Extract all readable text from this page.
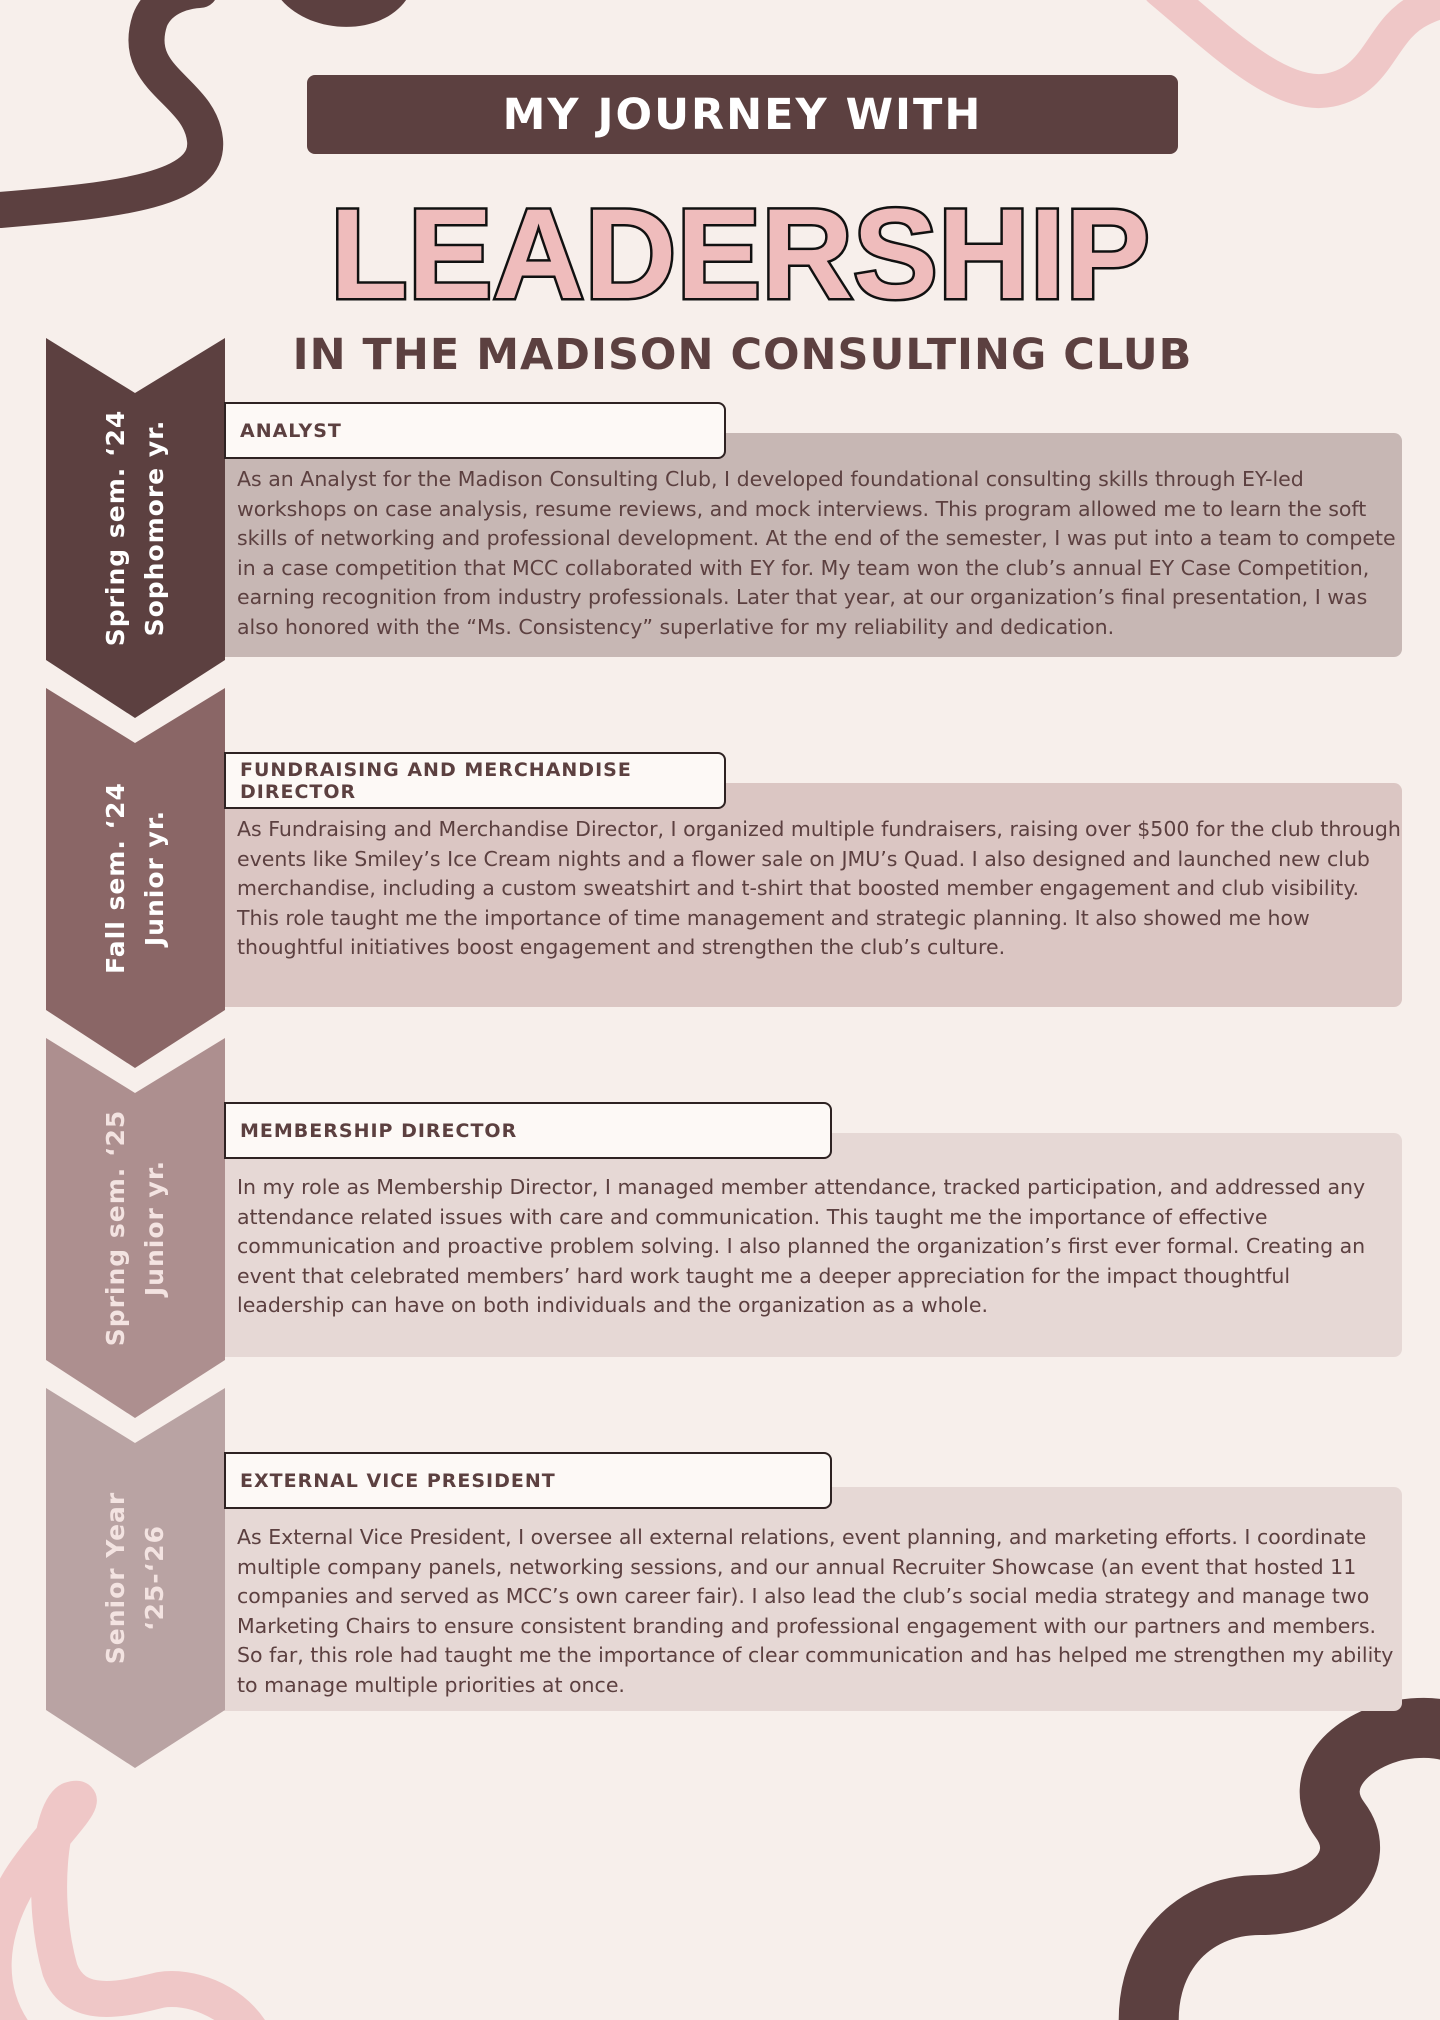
MY JOURNEY WITH
LEADERSHIP
IN THE MADISON CONSULTING CLUB
Spring sem. ‘24 Sophomore yr.	ANALYST
As an Analyst for the Madison Consulting Club, I developed foundational consulting skills through EY-led workshops on case analysis, resume reviews, and mock interviews. This program allowed me to learn the soft skills of networking and professional development. At the end of the semester, I was put into a team to compete in a case competition that MCC collaborated with EY for. My team won the club’s annual EY Case Competition, earning recognition from industry professionals. Later that year, at our organization’s final presentation, I was also honored with the “Ms. Consistency” superlative for my reliability and dedication.
Fall sem. ‘24 Junior yr.
FUNDRAISING AND MERCHANDISE
DIRECTOR
As Fundraising and Merchandise Director, I organized multiple fundraisers, raising over $500 for the club through events like Smiley’s Ice Cream nights and a flower sale on JMU’s Quad. I also designed and launched new club merchandise, including a custom sweatshirt and t-shirt that boosted member engagement and club visibility. This role taught me the importance of time management and strategic planning. It also showed me how thoughtful initiatives boost engagement and strengthen the club’s culture.
Spring sem. ‘25 Junior yr.
MEMBERSHIP DIRECTOR
In my role as Membership Director, I managed member attendance, tracked participation, and addressed any attendance related issues with care and communication. This taught me the importance of effective communication and proactive problem solving. I also planned the organization’s first ever formal. Creating an event that celebrated members’ hard work taught me a deeper appreciation for the impact thoughtful leadership can have on both individuals and the organization as a whole.
Senior Year ‘25-‘26
EXTERNAL VICE PRESIDENT
As External Vice President, I oversee all external relations, event planning, and marketing efforts. I coordinate multiple company panels, networking sessions, and our annual Recruiter Showcase (an event that hosted 11 companies and served as MCC’s own career fair). I also lead the club’s social media strategy and manage two Marketing Chairs to ensure consistent branding and professional engagement with our partners and members. So far, this role had taught me the importance of clear communication and has helped me strengthen my ability to manage multiple priorities at once.
